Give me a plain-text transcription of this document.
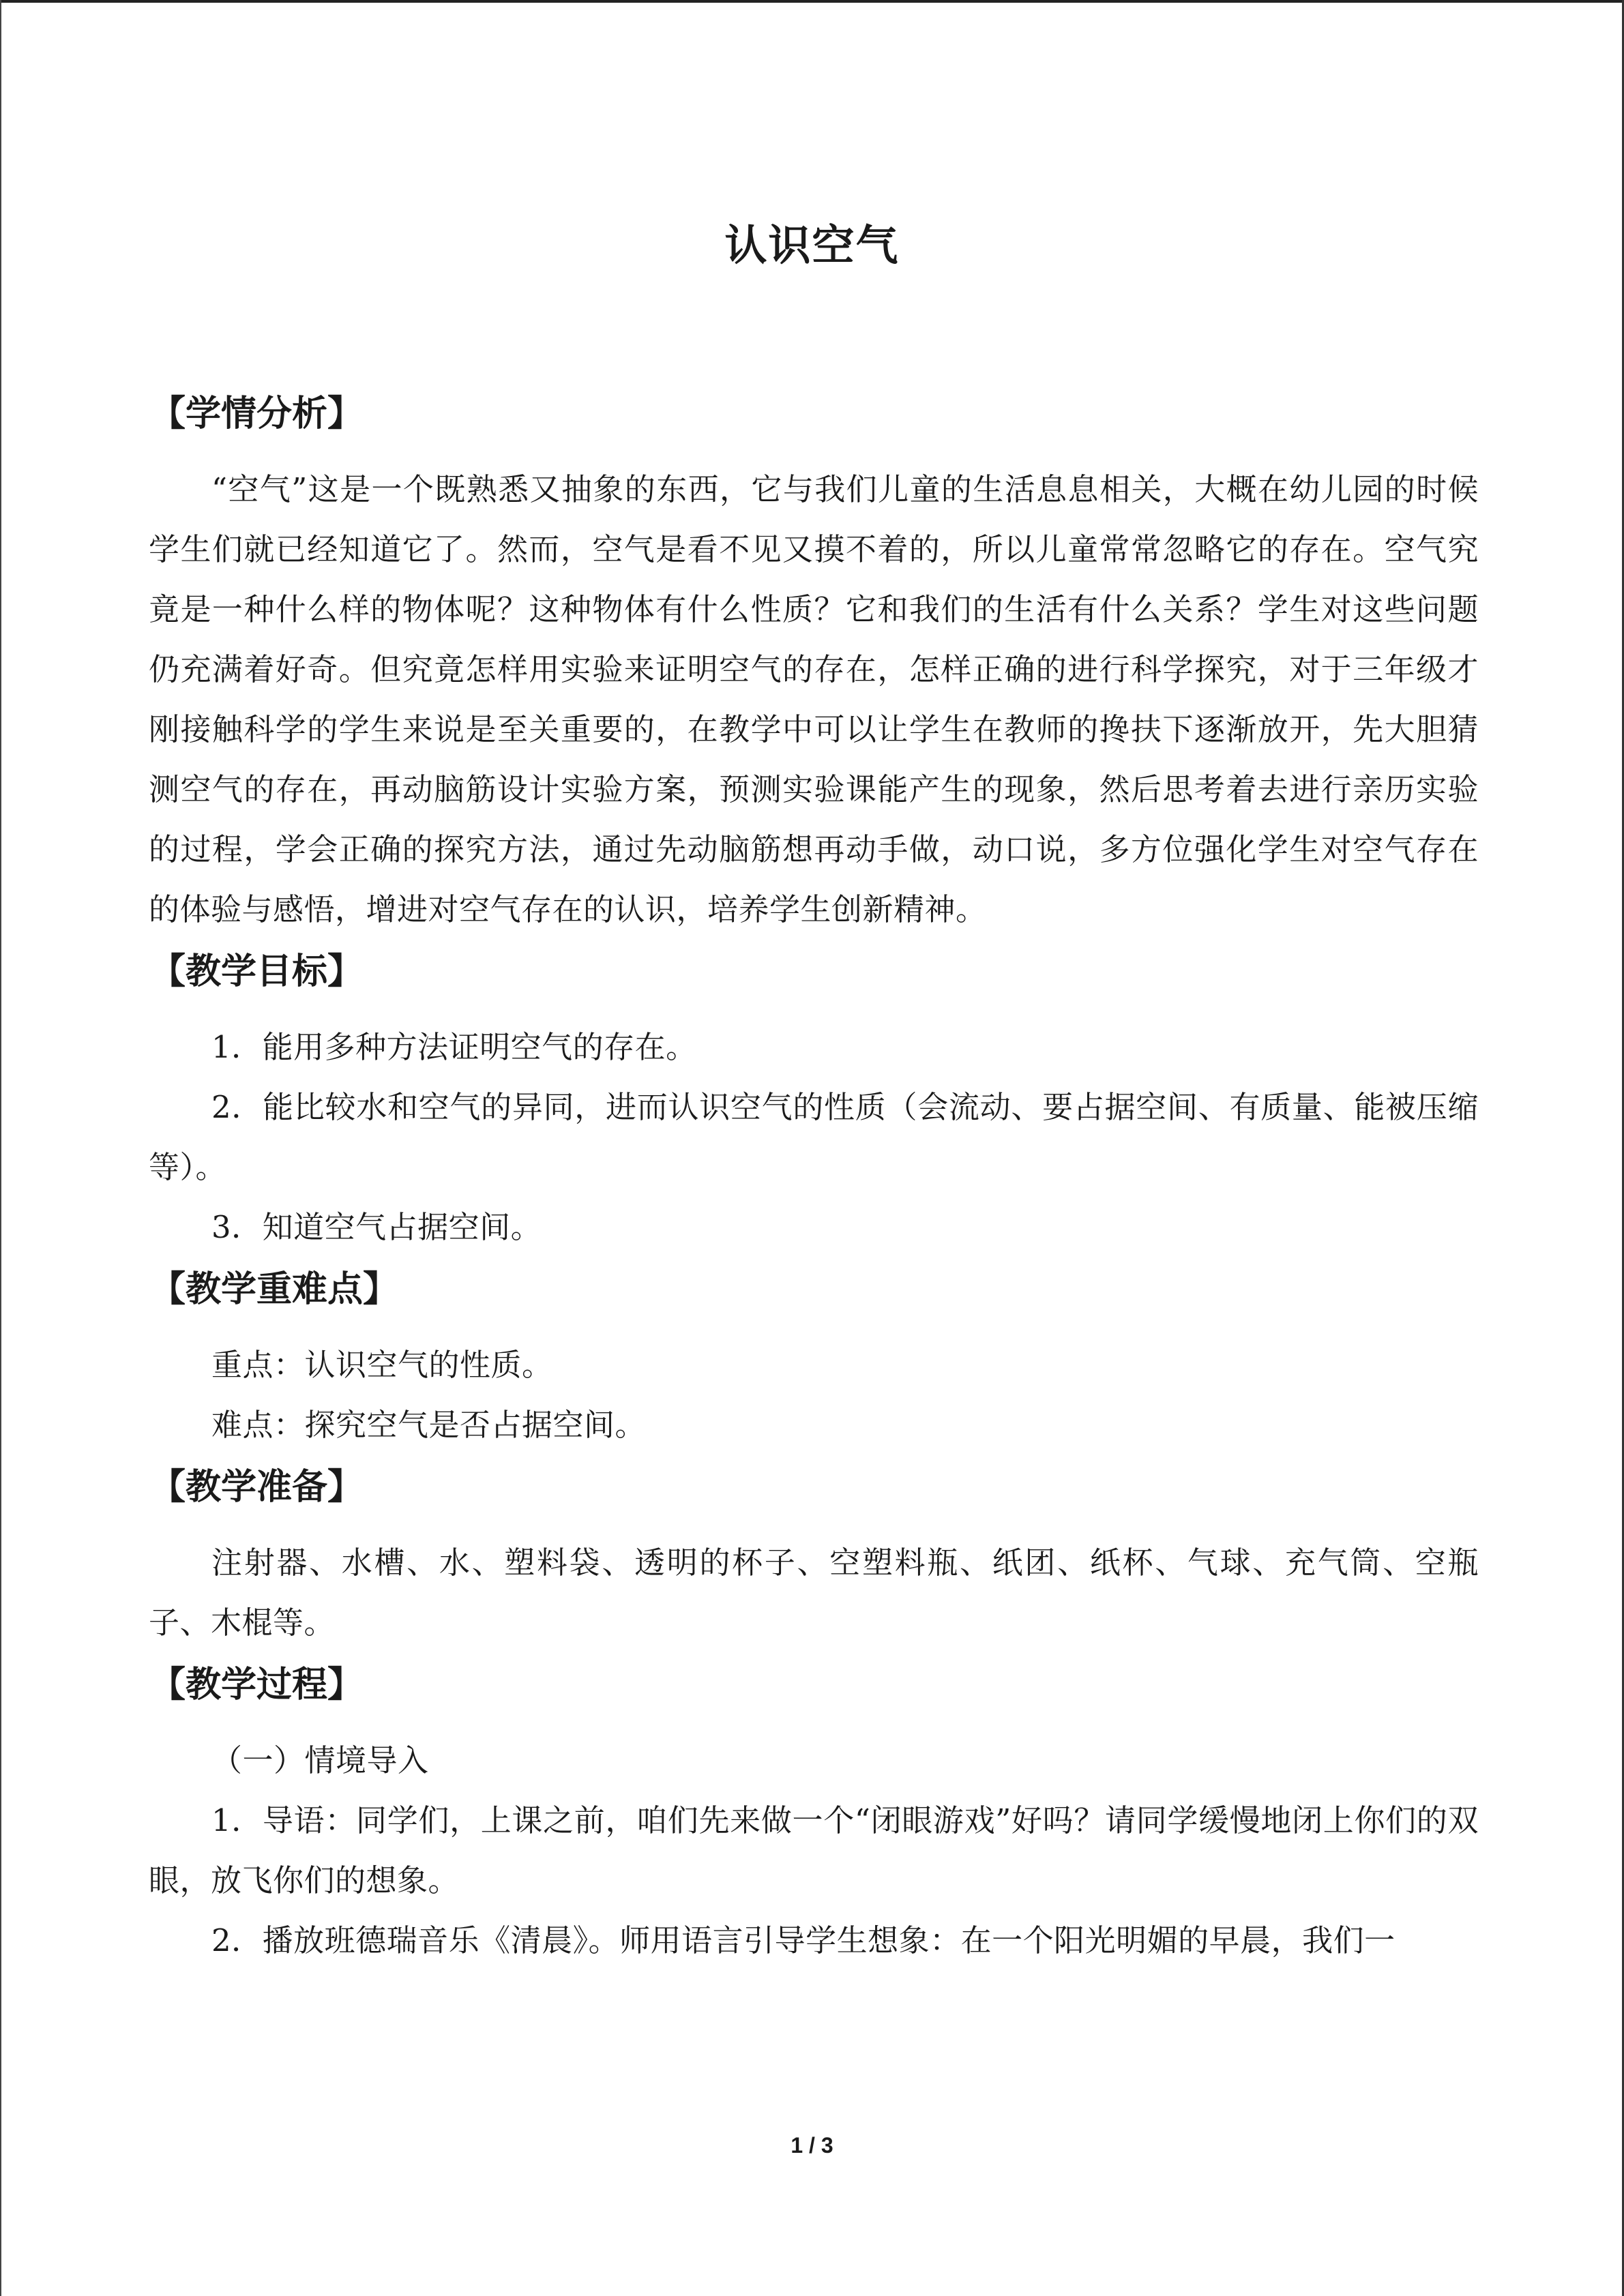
认识空气
【学情分析】

“空气”这是一个既熟悉又抽象的东西，它与我们儿童的生活息息相关，大概在幼儿园的时候学生们就已经知道它了。然而，空气是看不见又摸不着的，所以儿童常常忽略它的存在。空气究竟是一种什么样的物体呢？这种物体有什么性质？它和我们的生活有什么关系？学生对这些问题仍充满着好奇。但究竟怎样用实验来证明空气的存在，怎样正确的进行科学探究，对于三年级才刚接触科学的学生来说是至关重要的，在教学中可以让学生在教师的搀扶下逐渐放开，先大胆猜测空气的存在，再动脑筋设计实验方案，预测实验课能产生的现象，然后思考着去进行亲历实验的过程，学会正确的探究方法，通过先动脑筋想再动手做，动口说，多方位强化学生对空气存在的体验与感悟，增进对空气存在的认识，培养学生创新精神。

【教学目标】

1．能用多种方法证明空气的存在。

2．能比较水和空气的异同，进而认识空气的性质（会流动、要占据空间、有质量、能被压缩等）。

3．知道空气占据空间。

【教学重难点】

重点：认识空气的性质。

难点：探究空气是否占据空间。

【教学准备】

注射器、水槽、水、塑料袋、透明的杯子、空塑料瓶、纸团、纸杯、气球、充气筒、空瓶子、木棍等。

【教学过程】

（一）情境导入

1．导语：同学们，上课之前，咱们先来做一个“闭眼游戏”好吗？请同学缓慢地闭上你们的双眼，放飞你们的想象。

2．播放班德瑞音乐《清晨》。师用语言引导学生想象：在一个阳光明媚的早晨，我们一

1 / 3
